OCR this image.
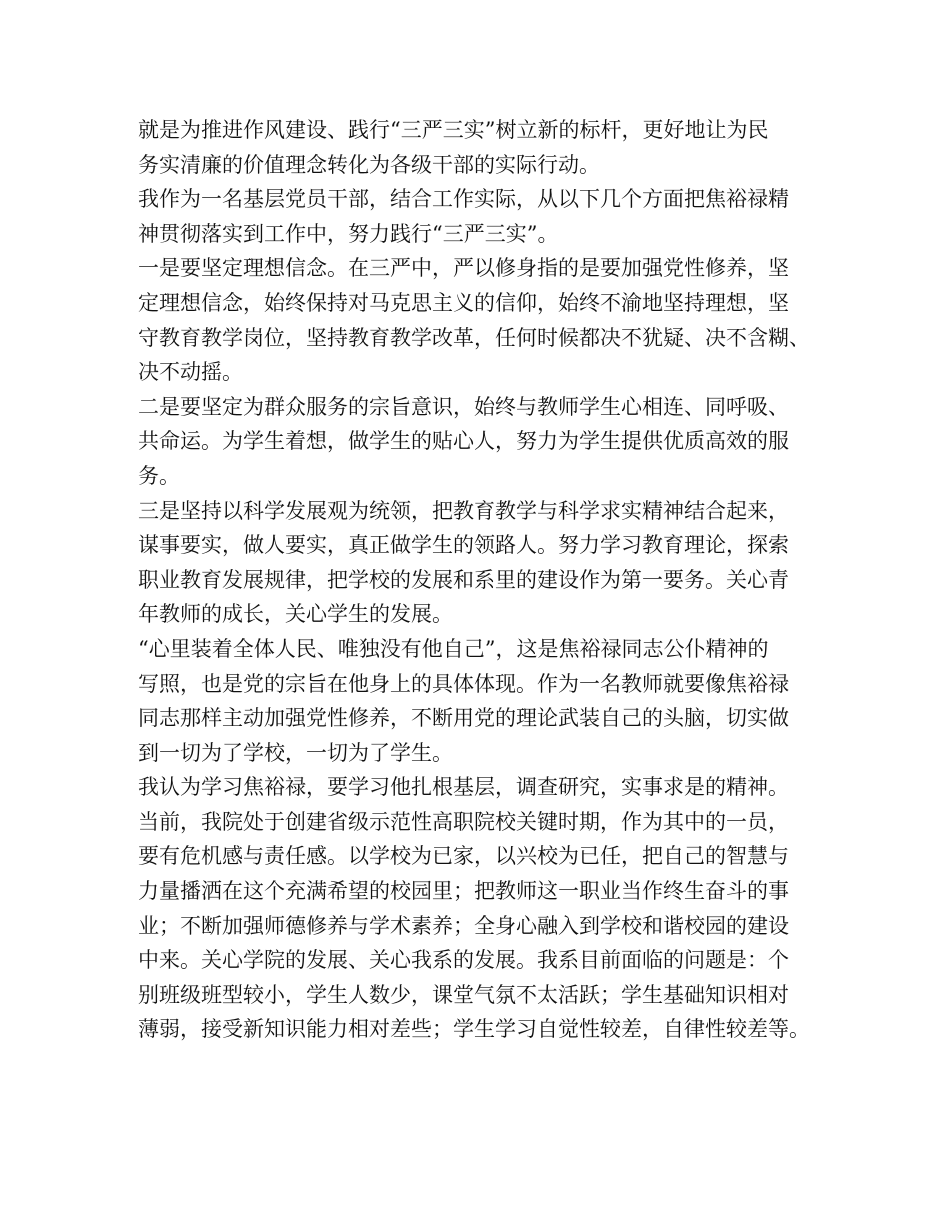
就是为推进作风建设、践行“三严三实”树立新的标杆，更好地让为民
务实清廉的价值理念转化为各级干部的实际行动。
我作为一名基层党员干部，结合工作实际，从以下几个方面把焦裕禄精
神贯彻落实到工作中，努力践行“三严三实”。
一是要坚定理想信念。在三严中，严以修身指的是要加强党性修养，坚
定理想信念，始终保持对马克思主义的信仰，始终不渝地坚持理想，坚
守教育教学岗位，坚持教育教学改革，任何时候都决不犹疑、决不含糊、
决不动摇。
二是要坚定为群众服务的宗旨意识，始终与教师学生心相连、同呼吸、
共命运。为学生着想，做学生的贴心人，努力为学生提供优质高效的服
务。
三是坚持以科学发展观为统领，把教育教学与科学求实精神结合起来，
谋事要实，做人要实，真正做学生的领路人。努力学习教育理论，探索
职业教育发展规律，把学校的发展和系里的建设作为第一要务。关心青
年教师的成长，关心学生的发展。
“心里装着全体人民、唯独没有他自己”，这是焦裕禄同志公仆精神的
写照，也是党的宗旨在他身上的具体体现。作为一名教师就要像焦裕禄
同志那样主动加强党性修养，不断用党的理论武装自己的头脑，切实做
到一切为了学校，一切为了学生。
我认为学习焦裕禄，要学习他扎根基层，调查研究，实事求是的精神。
当前，我院处于创建省级示范性高职院校关键时期，作为其中的一员，
要有危机感与责任感。以学校为已家，以兴校为已任，把自己的智慧与
力量播洒在这个充满希望的校园里；把教师这一职业当作终生奋斗的事
业；不断加强师德修养与学术素养；全身心融入到学校和谐校园的建设
中来。关心学院的发展、关心我系的发展。我系目前面临的问题是：个
别班级班型较小，学生人数少，课堂气氛不太活跃；学生基础知识相对
薄弱，接受新知识能力相对差些；学生学习自觉性较差，自律性较差等。
